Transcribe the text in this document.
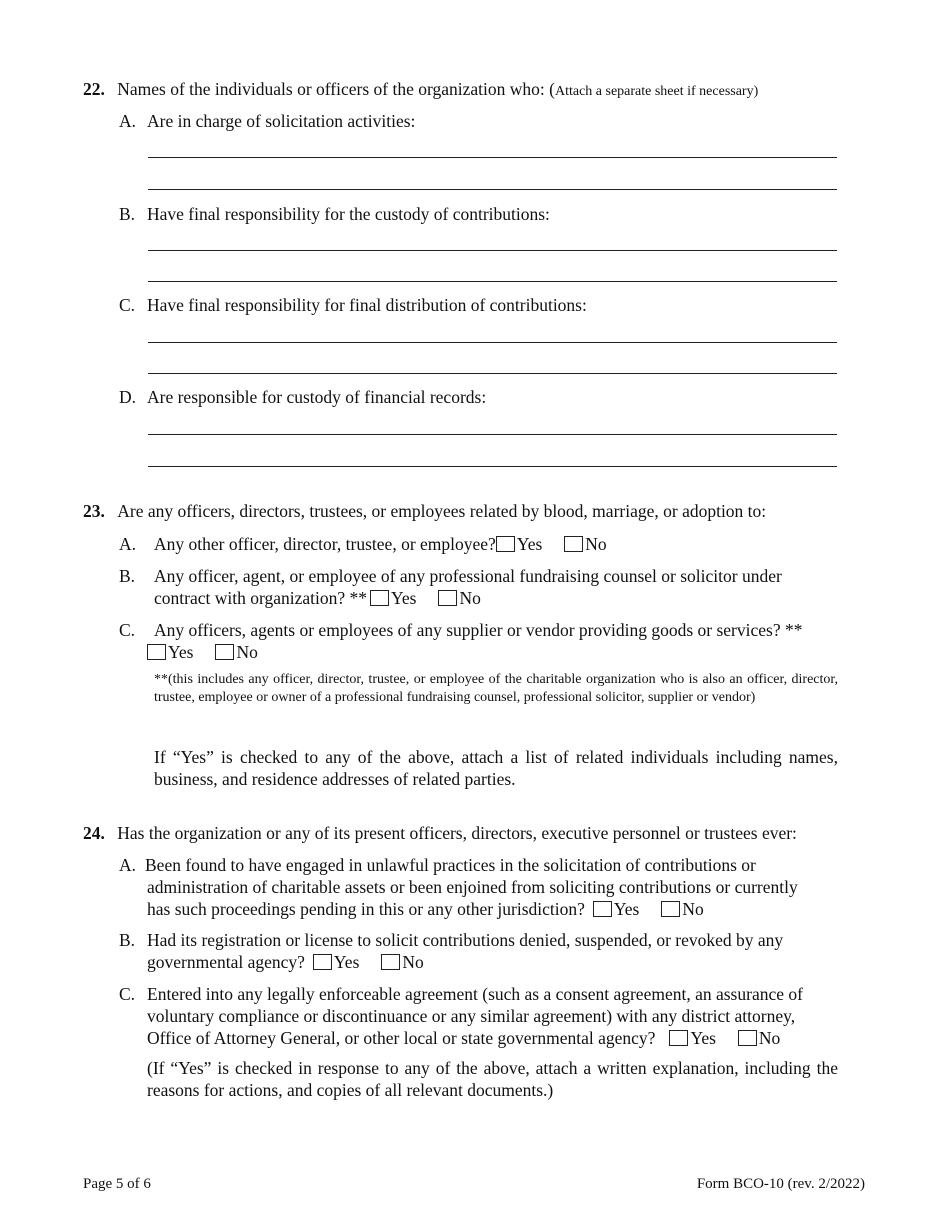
22. Names of the individuals or officers of the organization who: (Attach a separate sheet if necessary)
A. Are in charge of solicitation activities:
B. Have final responsibility for the custody of contributions:
C. Have final responsibility for final distribution of contributions:
D. Are responsible for custody of financial records:
23. Are any officers, directors, trustees, or employees related by blood, marriage, or adoption to:
A. Any other officer, director, trustee, or employee? Yes No
B. Any officer, agent, or employee of any professional fundraising counsel or solicitor under
contract with organization? ** Yes No
C. Any officers, agents or employees of any supplier or vendor providing goods or services? **
Yes No
**(this includes any officer, director, trustee, or employee of the charitable organization who is also an officer, director, trustee, employee or owner of a professional fundraising counsel, professional solicitor, supplier or vendor)
If “Yes” is checked to any of the above, attach a list of related individuals including names, business, and residence addresses of related parties.
24. Has the organization or any of its present officers, directors, executive personnel or trustees ever:
A. Been found to have engaged in unlawful practices in the solicitation of contributions or
administration of charitable assets or been enjoined from soliciting contributions or currently
has such proceedings pending in this or any other jurisdiction? Yes No
B. Had its registration or license to solicit contributions denied, suspended, or revoked by any
governmental agency? Yes No
C. Entered into any legally enforceable agreement (such as a consent agreement, an assurance of
voluntary compliance or discontinuance or any similar agreement) with any district attorney,
Office of Attorney General, or other local or state governmental agency? Yes No
(If “Yes” is checked in response to any of the above, attach a written explanation, including the reasons for actions, and copies of all relevant documents.)
Page 5 of 6	Form BCO-10 (rev. 2/2022)
